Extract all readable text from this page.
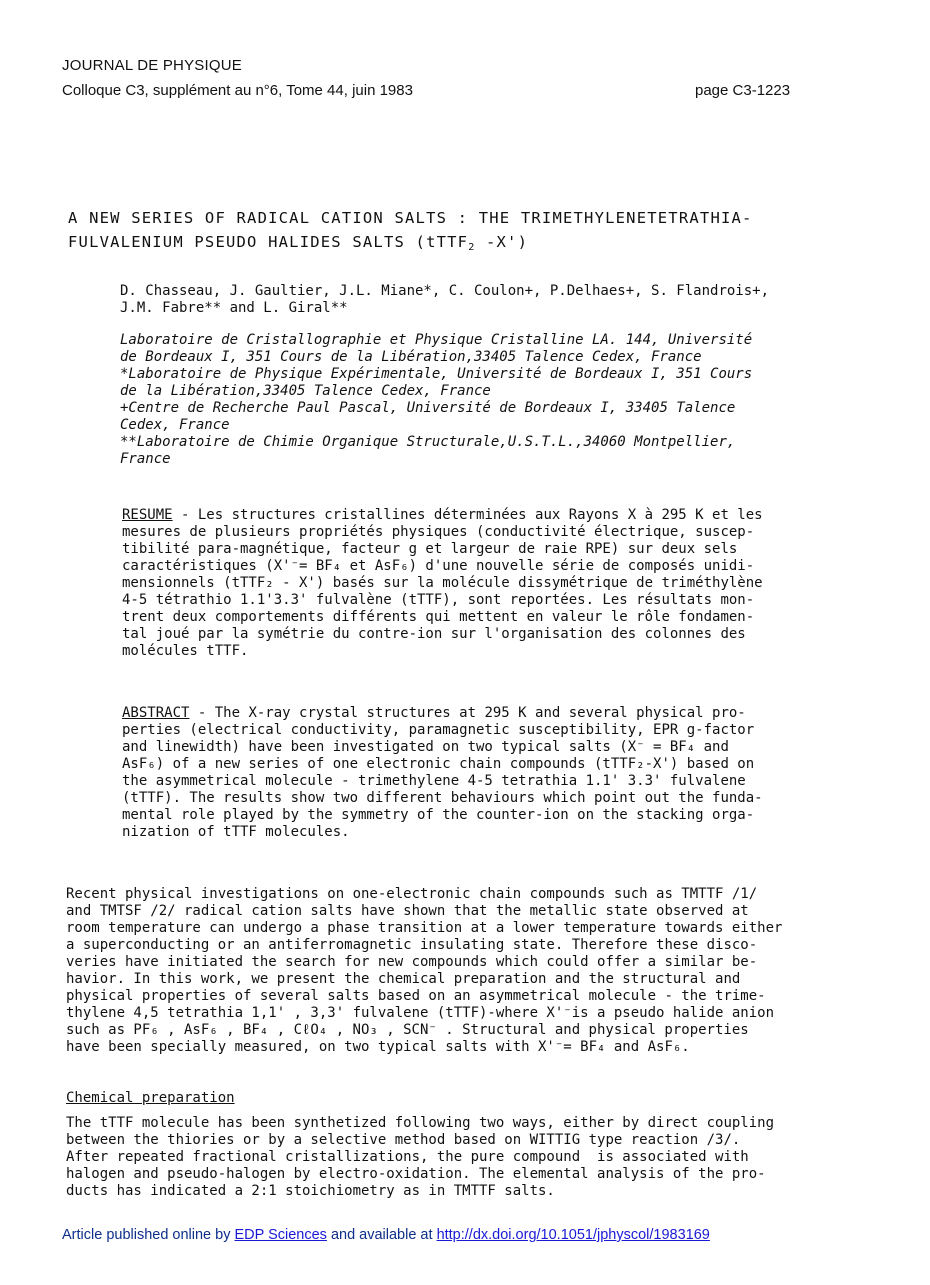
JOURNAL DE PHYSIQUE
Colloque C3, supplément au n°6, Tome 44, juin 1983	page C3-1223
A NEW SERIES OF RADICAL CATION SALTS : THE TRIMETHYLENETETRATHIA-
FULVALENIUM PSEUDO HALIDES SALTS (tTTF$_2$ -X')
D. Chasseau, J. Gaultier, J.L. Miane*, C. Coulon+, P.Delhaes+, S. Flandrois+,
J.M. Fabre** and L. Giral**
Laboratoire de Cristallographie et Physique Cristalline LA. 144, Université
de Bordeaux I, 351 Cours de la Libération,33405 Talence Cedex, France
*Laboratoire de Physique Expérimentale, Université de Bordeaux I, 351 Cours
de la Libération,33405 Talence Cedex, France
+Centre de Recherche Paul Pascal, Université de Bordeaux I, 33405 Talence
Cedex, France
**Laboratoire de Chimie Organique Structurale,U.S.T.L.,34060 Montpellier,
France
RESUME - Les structures cristallines déterminées aux Rayons X à 295 K et les
mesures de plusieurs propriétés physiques (conductivité électrique, suscep-
tibilité para-magnétique, facteur g et largeur de raie RPE) sur deux sels
caractéristiques (X'⁻= BF₄ et AsF₆) d'une nouvelle série de composés unidi-
mensionnels (tTTF₂ - X') basés sur la molécule dissymétrique de triméthylène
4-5 tétrathio 1.1'3.3' fulvalène (tTTF), sont reportées. Les résultats mon-
trent deux comportements différents qui mettent en valeur le rôle fondamen-
tal joué par la symétrie du contre-ion sur l'organisation des colonnes des
molécules tTTF.
ABSTRACT - The X-ray crystal structures at 295 K and several physical pro-
perties (electrical conductivity, paramagnetic susceptibility, EPR g-factor
and linewidth) have been investigated on two typical salts (X⁻ = BF₄ and
AsF₆) of a new series of one electronic chain compounds (tTTF₂-X') based on
the asymmetrical molecule - trimethylene 4-5 tetrathia 1.1' 3.3' fulvalene
(tTTF). The results show two different behaviours which point out the funda-
mental role played by the symmetry of the counter-ion on the stacking orga-
nization of tTTF molecules.
Recent physical investigations on one-electronic chain compounds such as TMTTF /1/
and TMTSF /2/ radical cation salts have shown that the metallic state observed at
room temperature can undergo a phase transition at a lower temperature towards either
a superconducting or an antiferromagnetic insulating state. Therefore these disco-
veries have initiated the search for new compounds which could offer a similar be-
havior. In this work, we present the chemical preparation and the structural and
physical properties of several salts based on an asymmetrical molecule - the trime-
thylene 4,5 tetrathia 1,1' , 3,3' fulvalene (tTTF)-where X'⁻is a pseudo halide anion
such as PF₆ , AsF₆ , BF₄ , CℓO₄ , NO₃ , SCN⁻ . Structural and physical properties
have been specially measured, on two typical salts with X'⁻= BF₄ and AsF₆.
Chemical preparation
The tTTF molecule has been synthetized following two ways, either by direct coupling
between the thiories or by a selective method based on WITTIG type reaction /3/.
After repeated fractional cristallizations, the pure compound  is associated with
halogen and pseudo-halogen by electro-oxidation. The elemental analysis of the pro-
ducts has indicated a 2:1 stoichiometry as in TMTTF salts.
Article published online by EDP Sciences and available at http://dx.doi.org/10.1051/jphyscol/1983169
